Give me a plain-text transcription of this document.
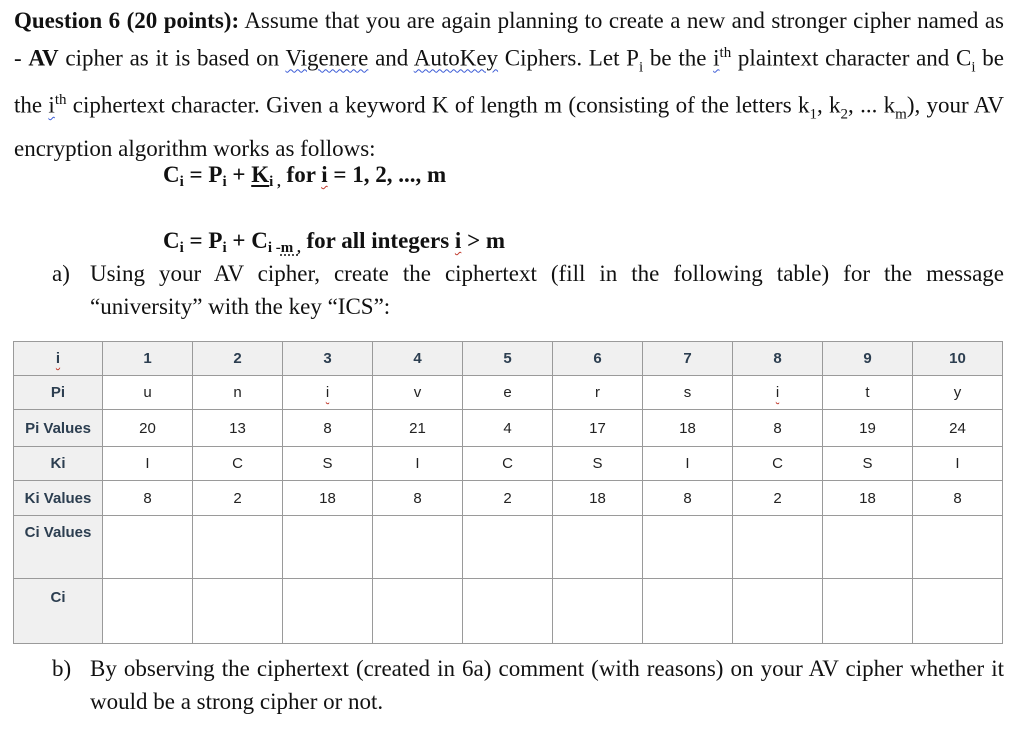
Question 6 (20 points): Assume that you are again planning to create a new and stronger cipher named as - AV cipher as it is based on Vigenere and AutoKey Ciphers. Let $P_i$ be the $i^{th}$ plaintext character and $C_i$ be the $i^{th}$ ciphertext character. Given a keyword K of length m (consisting of the letters $k_1$, $k_2$, ... $k_m$), your AV encryption algorithm works as follows:
$C_i = P_i + K_{i ,}$ for i = 1, 2, ..., m
$C_i = P_i + C_{i -m ,}$ for all integers i > m
a) Using your AV cipher, create the ciphertext (fill in the following table) for the message “university” with the key “ICS”:
i	1	2	3	4	5	6	7	8	9	10
Pi	u	n	i	v	e	r	s	i	t	y
Pi Values	20	13	8	21	4	17	18	8	19	24
Ki	I	C	S	I	C	S	I	C	S	I
Ki Values	8	2	18	8	2	18	8	2	18	8
Ci Values										
Ci										
b) By observing the ciphertext (created in 6a) comment (with reasons) on your AV cipher whether it would be a strong cipher or not.
